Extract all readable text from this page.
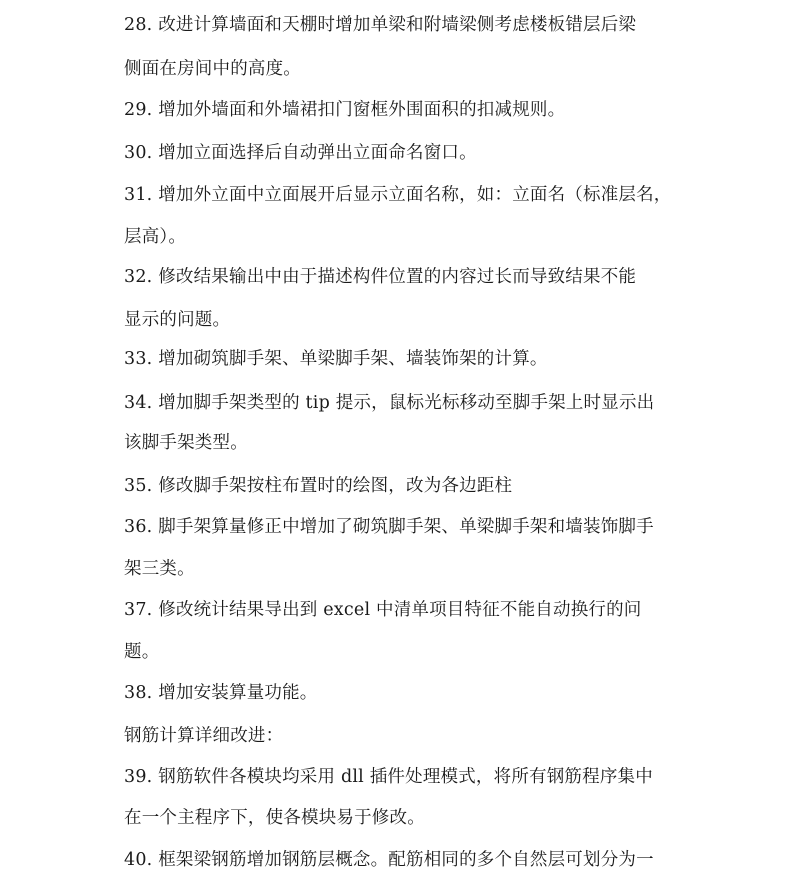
28. 改进计算墙面和天棚时增加单梁和附墙梁侧考虑楼板错层后梁
侧面在房间中的高度。
29. 增加外墙面和外墙裙扣门窗框外围面积的扣减规则。
30. 增加立面选择后自动弹出立面命名窗口。
31. 增加外立面中立面展开后显示立面名称，如：立面名（标准层名，
层高）。
32. 修改结果输出中由于描述构件位置的内容过长而导致结果不能
显示的问题。
33. 增加砌筑脚手架、单梁脚手架、墙装饰架的计算。
34. 增加脚手架类型的 tip 提示，鼠标光标移动至脚手架上时显示出
该脚手架类型。
35. 修改脚手架按柱布置时的绘图，改为各边距柱
36. 脚手架算量修正中增加了砌筑脚手架、单梁脚手架和墙装饰脚手
架三类。
37. 修改统计结果导出到 excel 中清单项目特征不能自动换行的问
题。
38. 增加安装算量功能。
钢筋计算详细改进：
39. 钢筋软件各模块均采用 dll 插件处理模式，将所有钢筋程序集中
在一个主程序下，使各模块易于修改。
40. 框架梁钢筋增加钢筋层概念。配筋相同的多个自然层可划分为一
